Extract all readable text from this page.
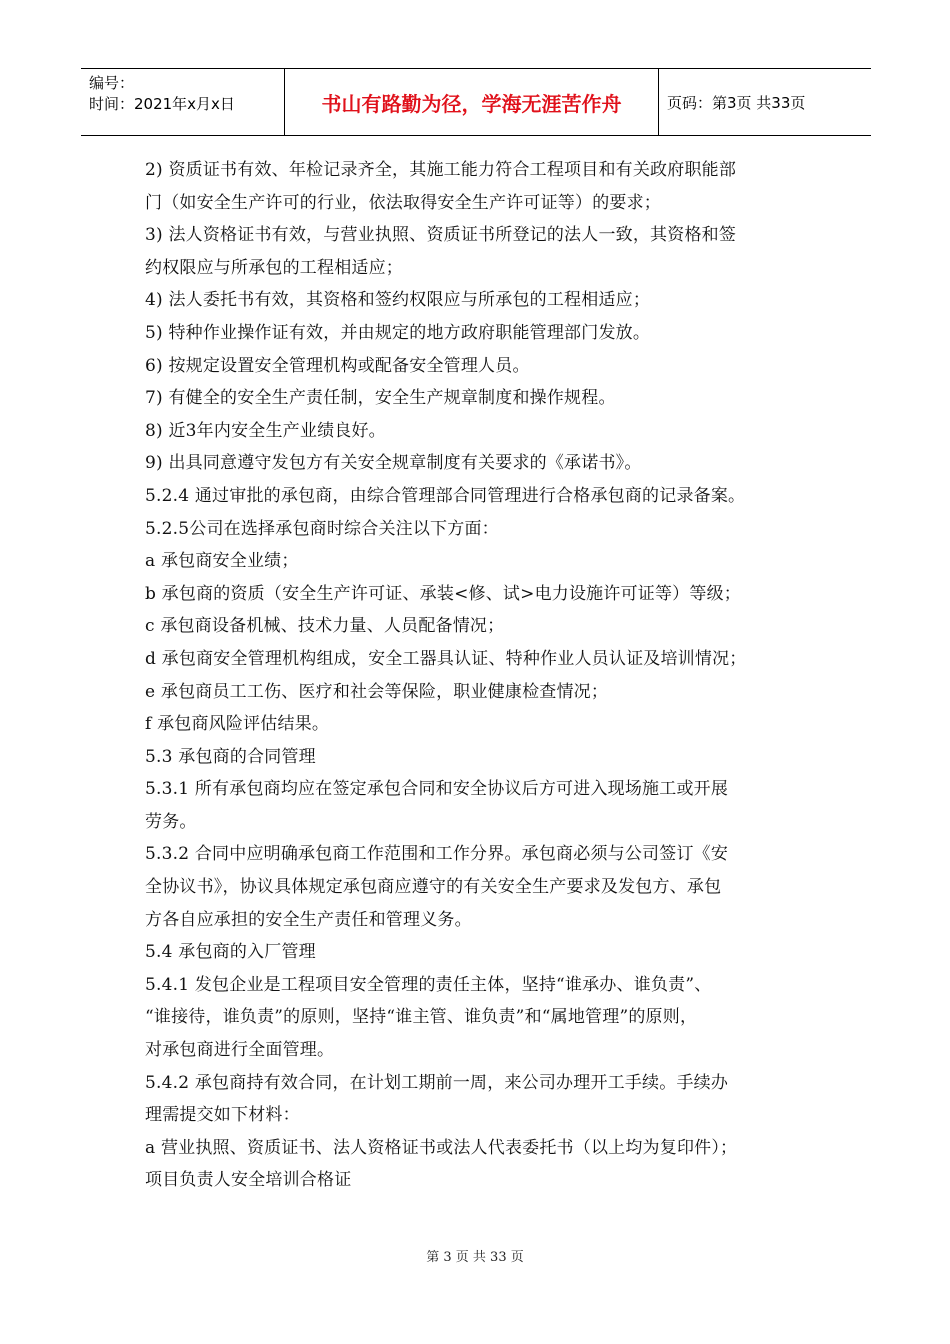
编号：
时间：2021年x月x日	书山有路勤为径，学海无涯苦作舟	页码：第3页 共33页
2) 资质证书有效、年检记录齐全，其施工能力符合工程项目和有关政府职能部
门（如安全生产许可的行业，依法取得安全生产许可证等）的要求；
3) 法人资格证书有效，与营业执照、资质证书所登记的法人一致，其资格和签
约权限应与所承包的工程相适应；
4) 法人委托书有效，其资格和签约权限应与所承包的工程相适应；
5) 特种作业操作证有效，并由规定的地方政府职能管理部门发放。
6) 按规定设置安全管理机构或配备安全管理人员。
7) 有健全的安全生产责任制，安全生产规章制度和操作规程。
8) 近3年内安全生产业绩良好。
9) 出具同意遵守发包方有关安全规章制度有关要求的《承诺书》。
5.2.4 通过审批的承包商，由综合管理部合同管理进行合格承包商的记录备案。
5.2.5公司在选择承包商时综合关注以下方面：
a 承包商安全业绩；
b 承包商的资质（安全生产许可证、承装<修、试>电力设施许可证等）等级；
c 承包商设备机械、技术力量、人员配备情况；
d 承包商安全管理机构组成，安全工器具认证、特种作业人员认证及培训情况；
e 承包商员工工伤、医疗和社会等保险，职业健康检查情况；
f 承包商风险评估结果。
5.3 承包商的合同管理
5.3.1 所有承包商均应在签定承包合同和安全协议后方可进入现场施工或开展
劳务。
5.3.2 合同中应明确承包商工作范围和工作分界。承包商必须与公司签订《安
全协议书》，协议具体规定承包商应遵守的有关安全生产要求及发包方、承包
方各自应承担的安全生产责任和管理义务。
5.4 承包商的入厂管理
5.4.1 发包企业是工程项目安全管理的责任主体，坚持“谁承办、谁负责”、
“谁接待，谁负责”的原则，坚持“谁主管、谁负责”和“属地管理”的原则，
对承包商进行全面管理。
5.4.2 承包商持有效合同，在计划工期前一周，来公司办理开工手续。手续办
理需提交如下材料：
a 营业执照、资质证书、法人资格证书或法人代表委托书（以上均为复印件）；
项目负责人安全培训合格证
第 3 页 共 33 页
